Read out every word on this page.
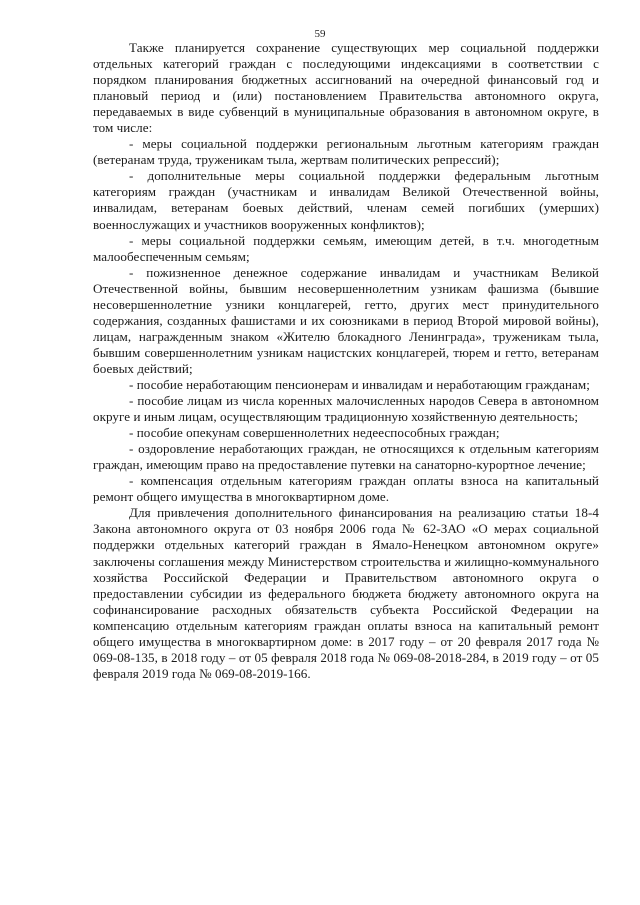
59

Также планируется сохранение существующих мер социальной поддержки отдельных категорий граждан с последующими индексациями в соответствии с порядком планирования бюджетных ассигнований на очередной финансовый год и плановый период и (или) постановлением Правительства автономного округа, передаваемых в виде субвенций в муниципальные образования в автономном округе, в том числе:

- меры социальной поддержки региональным льготным категориям граждан (ветеранам труда, труженикам тыла, жертвам политических репрессий);

- дополнительные меры социальной поддержки федеральным льготным категориям граждан (участникам и инвалидам Великой Отечественной войны, инвалидам, ветеранам боевых действий, членам семей погибших (умерших) военнослужащих и участников вооруженных конфликтов);

- меры социальной поддержки семьям, имеющим детей, в т.ч. многодетным малообеспеченным семьям;

- пожизненное денежное содержание инвалидам и участникам Великой Отечественной войны, бывшим несовершеннолетним узникам фашизма (бывшие несовершеннолетние узники концлагерей, гетто, других мест принудительного содержания, созданных фашистами и их союзниками в период Второй мировой войны), лицам, награжденным знаком «Жителю блокадного Ленинграда», труженикам тыла, бывшим совершеннолетним узникам нацистских концлагерей, тюрем и гетто, ветеранам боевых действий;

- пособие неработающим пенсионерам и инвалидам и неработающим гражданам;

- пособие лицам из числа коренных малочисленных народов Севера в автономном округе и иным лицам, осуществляющим традиционную хозяйственную деятельность;

- пособие опекунам совершеннолетних недееспособных граждан;

- оздоровление неработающих граждан, не относящихся к отдельным категориям граждан, имеющим право на предоставление путевки на санаторно-курортное лечение;

- компенсация отдельным категориям граждан оплаты взноса на капитальный ремонт общего имущества в многоквартирном доме.

Для привлечения дополнительного финансирования на реализацию статьи 18-4 Закона автономного округа от 03 ноября 2006 года № 62-ЗАО «О мерах социальной поддержки отдельных категорий граждан в Ямало-Ненецком автономном округе» заключены соглашения между Министерством строительства и жилищно-коммунального хозяйства Российской Федерации и Правительством автономного округа о предоставлении субсидии из федерального бюджета бюджету автономного округа на софинансирование расходных обязательств субъекта Российской Федерации на компенсацию отдельным категориям граждан оплаты взноса на капитальный ремонт общего имущества в многоквартирном доме: в 2017 году – от 20 февраля 2017 года № 069-08-135, в 2018 году – от 05 февраля 2018 года № 069-08-2018-284, в 2019 году – от 05 февраля 2019 года № 069-08-2019-166.
